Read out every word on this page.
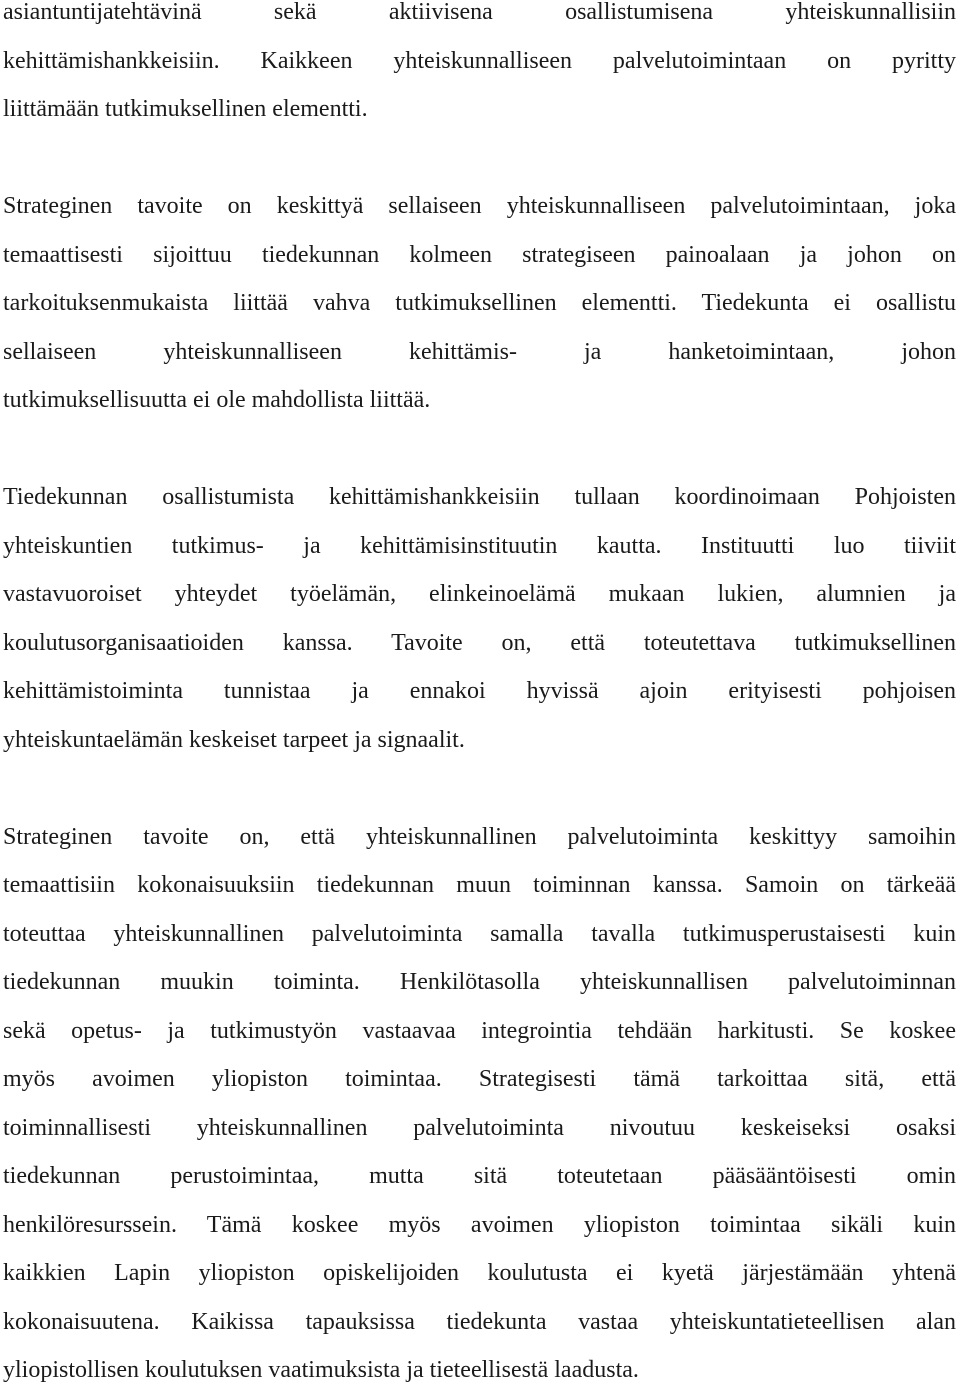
asiantuntijatehtävinä sekä aktiivisena osallistumisena yhteiskunnallisiin
kehittämishankkeisiin. Kaikkeen yhteiskunnalliseen palvelutoimintaan on pyritty
liittämään tutkimuksellinen elementti.

Strateginen tavoite on keskittyä sellaiseen yhteiskunnalliseen palvelutoimintaan, joka
temaattisesti sijoittuu tiedekunnan kolmeen strategiseen painoalaan ja johon on
tarkoituksenmukaista liittää vahva tutkimuksellinen elementti. Tiedekunta ei osallistu
sellaiseen yhteiskunnalliseen kehittämis- ja hanketoimintaan, johon
tutkimuksellisuutta ei ole mahdollista liittää.

Tiedekunnan osallistumista kehittämishankkeisiin tullaan koordinoimaan Pohjoisten
yhteiskuntien tutkimus- ja kehittämisinstituutin kautta. Instituutti luo tiiviit
vastavuoroiset yhteydet työelämän, elinkeinoelämä mukaan lukien, alumnien ja
koulutusorganisaatioiden kanssa. Tavoite on, että toteutettava tutkimuksellinen
kehittämistoiminta tunnistaa ja ennakoi hyvissä ajoin erityisesti pohjoisen
yhteiskuntaelämän keskeiset tarpeet ja signaalit.

Strateginen tavoite on, että yhteiskunnallinen palvelutoiminta keskittyy samoihin
temaattisiin kokonaisuuksiin tiedekunnan muun toiminnan kanssa. Samoin on tärkeää
toteuttaa yhteiskunnallinen palvelutoiminta samalla tavalla tutkimusperustaisesti kuin
tiedekunnan muukin toiminta. Henkilötasolla yhteiskunnallisen palvelutoiminnan
sekä opetus- ja tutkimustyön vastaavaa integrointia tehdään harkitusti. Se koskee
myös avoimen yliopiston toimintaa. Strategisesti tämä tarkoittaa sitä, että
toiminnallisesti yhteiskunnallinen palvelutoiminta nivoutuu keskeiseksi osaksi
tiedekunnan perustoimintaa, mutta sitä toteutetaan pääsääntöisesti omin
henkilöresurssein. Tämä koskee myös avoimen yliopiston toimintaa sikäli kuin
kaikkien Lapin yliopiston opiskelijoiden koulutusta ei kyetä järjestämään yhtenä
kokonaisuutena. Kaikissa tapauksissa tiedekunta vastaa yhteiskuntatieteellisen alan
yliopistollisen koulutuksen vaatimuksista ja tieteellisestä laadusta.
